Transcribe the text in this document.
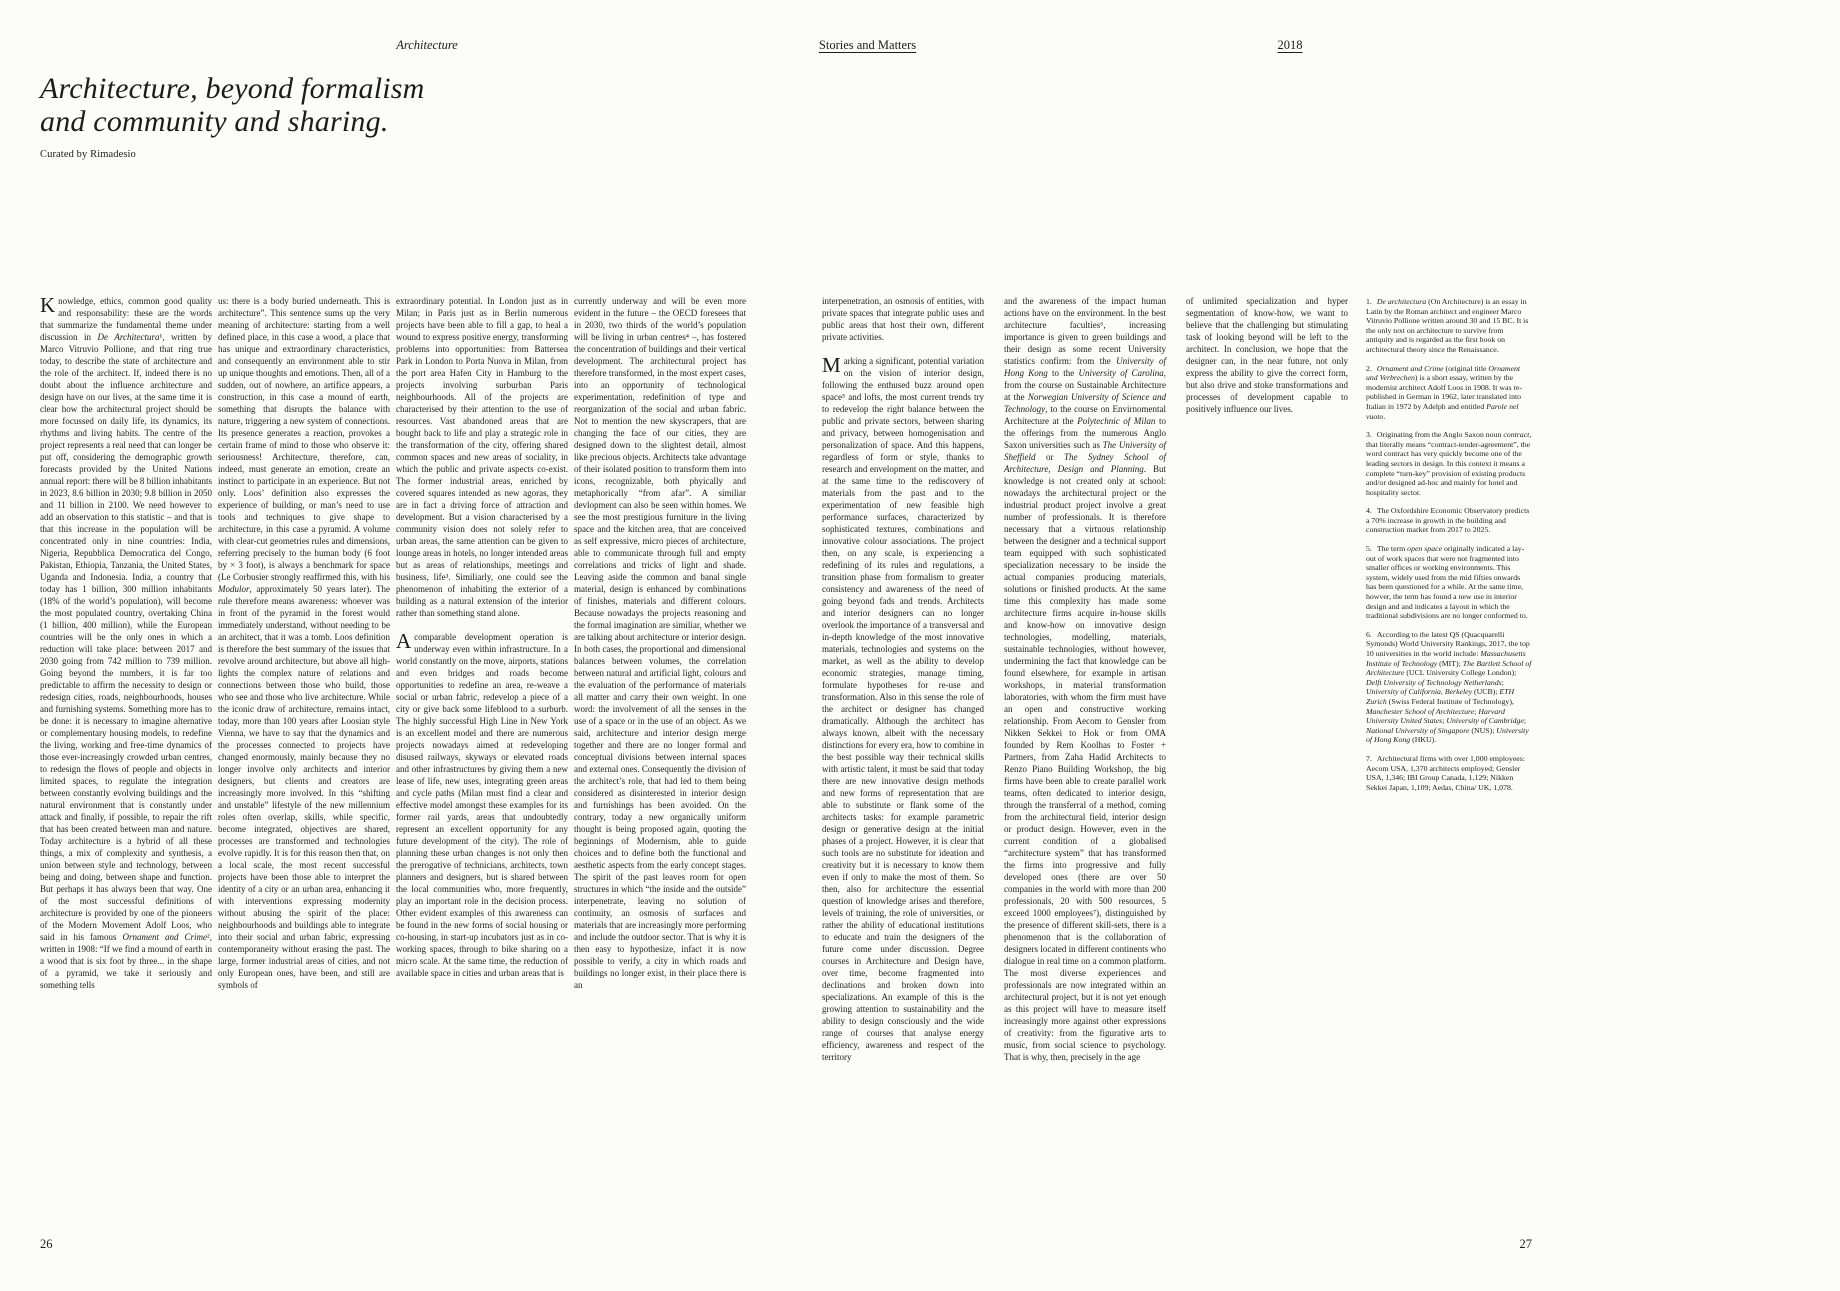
Architecture	Stories and Matters	2018
Architecture, beyond formalism
and community and sharing.
Curated by Rimadesio

Knowledge, ethics, common good quality and responsability: these are the words that summarize the fundamental theme under discussion in De Architectura¹, written by Marco Vitruvio Pollione, and that ring true today, to describe the state of architecture and the role of the architect. If, indeed there is no doubt about the influence architecture and design have on our lives, at the same time it is clear how the architectural project should be more focussed on daily life, its dynamics, its rhythms and living habits. The centre of the project represents a real need that can longer be put off, considering the demographic growth forecasts provided by the United Nations annual report: there will be 8 billion inhabitants in 2023, 8.6 billion in 2030; 9.8 billion in 2050 and 11 billion in 2100. We need however to add an observation to this statistic – and that is that this increase in the population will be concentrated only in nine countries: India, Nigeria, Repubblica Democratica del Congo, Pakistan, Ethiopia, Tanzania, the United States, Uganda and Indonesia. India, a country that today has 1 billion, 300 million inhabitants (18% of the world’s population), will become the most populated country, overtaking China (1 billion, 400 million), while the European countries will be the only ones in which a reduction will take place: between 2017 and 2030 going from 742 million to 739 million. Going beyond the numbers, it is far too predictable to affirm the necessity to design or redesign cities, roads, neighbourhoods, houses and furnishing systems. Something more has to be done: it is necessary to imagine alternative or complementary housing models, to redefine the living, working and free-time dynamics of those ever-increasingly crowded urban centres, to redesign the flows of people and objects in limited spaces, to regulate the integration between constantly evolving buildings and the natural environment that is constantly under attack and finally, if possible, to repair the rift that has been created between man and nature. Today architecture is a hybrid of all these things, a mix of complexity and synthesis, a union between style and technology, between being and doing, between shape and function. But perhaps it has always been that way. One of the most successful definitions of architecture is provided by one of the pioneers of the Modern Movement Adolf Loos, who said in his famous Ornament and Crime², written in 1908: “If we find a mound of earth in a wood that is six foot by three... in the shape of a pyramid, we take it seriously and something tells

us: there is a body buried underneath. This is architecture”. This sentence sums up the very meaning of architecture: starting from a well defined place, in this case a wood, a place that has unique and extraordinary characteristics, and consequently an environment able to stir up unique thoughts and emotions. Then, all of a sudden, out of nowhere, an artifice appears, a construction, in this case a mound of earth, something that disrupts the balance with nature, triggering a new system of connections. Its presence generates a reaction, provokes a certain frame of mind to those who observe it: seriousness! Architecture, therefore, can, indeed, must generate an emotion, create an instinct to participate in an experience. But not only. Loos’ definition also expresses the experience of building, or man’s need to use tools and techniques to give shape to architecture, in this case a pyramid. A volume with clear-cut geometries rules and dimensions, referring precisely to the human body (6 foot by × 3 foot), is always a benchmark for space (Le Corbusier strongly reaffirmed this, with his Modulor, approximately 50 years later). The rule therefore means awareness: whoever was in front of the pyramid in the forest would immediately understand, without needing to be an architect, that it was a tomb. Loos definition is therefore the best summary of the issues that revolve around architecture, but above all high-lights the complex nature of relations and connections between those who build, those who see and those who live architecture. While the iconic draw of architecture, remains intact, today, more than 100 years after Loosian style Vienna, we have to say that the dynamics and the processes connected to projects have changed enormously, mainly because they no longer involve only architects and interior designers, but clients and creators are increasingly more involved. In this “shifting and unstable” lifestyle of the new millennium roles often overlap, skills, while specific, become integrated, objectives are shared, processes are transformed and technologies evolve rapidly. It is for this reason then that, on a local scale, the most recent successful projects have been those able to interpret the identity of a city or an urban area, enhancing it with interventions expressing modernity without abusing the spirit of the place: neighbourhoods and buildings able to integrate into their social and urban fabric, expressing contemporaneity without erasing the past. The large, former industrial areas of cities, and not only European ones, have been, and still are symbols of

extraordinary potential. In London just as in Milan; in Paris just as in Berlin numerous projects have been able to fill a gap, to heal a wound to express positive energy, transforming problems into opportunities: from Battersea Park in London to Porta Nuova in Milan, from the port area Hafen City in Hamburg to the projects involving surburban Paris neighbourhoods. All of the projects are characterised by their attention to the use of resources. Vast abandoned areas that are bought back to life and play a strategic role in the transformation of the city, offering shared common spaces and new areas of sociality, in which the public and private aspects co-exist. The former industrial areas, enriched by covered squares intended as new agoras, they are in fact a driving force of attraction and development. But a vision characterised by a community vision does not solely refer to urban areas, the same attention can be given to lounge areas in hotels, no longer intended areas but as areas of relationships, meetings and business, life³. Similiarly, one could see the phenomenon of inhabiting the exterior of a building as a natural extension of the interior rather than something stand alone.

A comparable development operation is underway even within infrastructure. In a world constantly on the move, airports, stations and even bridges and roads become opportunities to redefine an area, re-weave a social or urban fabric, redevelop a piece of a city or give back some lifeblood to a surburb. The highly successful High Line in New York is an excellent model and there are numerous projects nowadays aimed at redeveloping disused railways, skyways or elevated roads and other infrastructures by giving them a new lease of life, new uses, integrating green areas and cycle paths (Milan must find a clear and effective model amongst these examples for its former rail yards, areas that undoubtedly represent an excellent opportunity for any future development of the city). The role of planning these urban changes is not only then the prerogative of technicians, architects, town planners and designers, but is shared between the local communities who, more frequently, play an important role in the decision process. Other evident examples of this awareness can be found in the new forms of social housing or co-housing, in start-up incubators just as in co-working spaces, through to bike sharing on a micro scale. At the same time, the reduction of available space in cities and urban areas that is

currently underway and will be even more evident in the future – the OECD foresees that in 2030, two thirds of the world’s population will be living in urban centres⁴ –, has fostered the concentration of buildings and their vertical development. The architectural project has therefore transformed, in the most expert cases, into an opportunity of technological experimentation, redefinition of type and reorganization of the social and urban fabric. Not to mention the new skyscrapers, that are changing the face of our cities, they are designed down to the slightest detail, almost like precious objects. Architects take advantage of their isolated position to transform them into icons, recognizable, both phyically and metaphorically “from afar”. A similiar devlopment can also be seen within homes. We see the most prestigious furniture in the living space and the kitchen area, that are conceived as self expressive, micro pieces of architecture, able to communicate through full and empty correlations and tricks of light and shade. Leaving aside the common and banal single material, design is enhanced by combinations of finishes, materials and different colours. Because nowadays the projects reasoning and the formal imagination are similiar, whether we are talking about architecture or interior design. In both cases, the proportional and dimensional balances between volumes, the correlation between natural and artificial light, colours and the evaluation of the performance of materials all matter and carry their own weight. In one word: the involvement of all the senses in the use of a space or in the use of an object. As we said, architecture and interior design merge together and there are no longer formal and conceptual divisions between internal spaces and external ones. Consequently the division of the architect’s role, that had led to them being considered as disinterested in interior design and furnishings has been avoided. On the contrary, today a new organically uniform thought is being proposed again, quoting the beginnings of Modernism, able to guide choices and to define both the functional and aesthetic aspects from the early concept stages. The spirit of the past leaves room for open structures in which “the inside and the outside” interpenetrate, leaving no solution of continuity, an osmosis of surfaces and materials that are increasingly more performing and include the outdoor sector. That is why it is then easy to hypothesize, infact it is now possible to verify, a city in which roads and buildings no longer exist, in their place there is an

interpenetration, an osmosis of entities, with private spaces that integrate public uses and public areas that host their own, different private activities.

Marking a significant, potential variation on the vision of interior design, following the enthused buzz around open space⁵ and lofts, the most current trends try to redevelop the right balance between the public and private sectors, between sharing and privacy, between homogenisation and personalization of space. And this happens, regardless of form or style, thanks to research and envelopment on the matter, and at the same time to the rediscovery of materials from the past and to the experimentation of new feasible high performance surfaces, characterized by sophisticated textures, combinations and innovative colour associations. The project then, on any scale, is experiencing a redefining of its rules and regulations, a transition phase from formalism to greater consistency and awareness of the need of going beyond fads and trends. Architects and interior designers can no longer overlook the importance of a transversal and in-depth knowledge of the most innovative materials, technologies and systems on the market, as well as the ability to develop economic strategies, manage timing, formulate hypotheses for re-use and transformation. Also in this sense the role of the architect or designer has changed dramatically. Although the architect has always known, albeit with the necessary distinctions for every era, how to combine in the best possible way their technical skills with artistic talent, it must be said that today there are new innovative design methods and new forms of representation that are able to substitute or flank some of the architects tasks: for example parametric design or generative design at the initial phases of a project. However, it is clear that such tools are no substitute for ideation and creativity but it is necessary to know them even if only to make the most of them. So then, also for architecture the essential question of knowledge arises and therefore, levels of training, the role of universities, or rather the ability of educational institutions to educate and train the designers of the future come under discussion. Degree courses in Architecture and Design have, over time, become fragmented into declinations and broken down into specializations. An example of this is the growing attention to sustainability and the ability to design consciously and the wide range of courses that analyse energy efficiency, awareness and respect of the territory

and the awareness of the impact human actions have on the environment. In the best architecture faculties⁶, increasing importance is given to green buildings and their design as some recent University statistics confirm: from the University of Hong Kong to the University of Carolina, from the course on Sustainable Architecture at the Norwegian University of Science and Technology, to the course on Envirnomental Architecture at the Polytechnic of Milan to the offerings from the numerous Anglo Saxon universities such as The University of Sheffield or The Sydney School of Architecture, Design and Planning. But knowledge is not created only at school: nowadays the architectural project or the industrial product project involve a great number of professionals. It is therefore necessary that a virtuous relationship between the designer and a technical support team equipped with such sophisticated specialization necessary to be inside the actual companies producing materials, solutions or finished products. At the same time this complexity has made some architecture firms acquire in-house skills and know-how on innovative design technologies, modelling, materials, sustainable technologies, without however, undermining the fact that knowledge can be found elsewhere, for example in artisan workshops, in material transformation laboratories, with whom the firm must have an open and constructive working relationship. From Aecom to Gensler from Nikken Sekkei to Hok or from OMA founded by Rem Koolhas to Foster + Partners, from Zaha Hadid Architects to Renzo Piano Building Workshop, the big firms have been able to create parallel work teams, often dedicated to interior design, through the transferral of a method, coming from the architectural field, interior design or product design. However, even in the current condition of a globalised “architecture system” that has transformed the firms into progressive and fully developed ones (there are over 50 companies in the world with more than 200 professionals, 20 with 500 resources, 5 exceed 1000 employees⁷), distinguished by the presence of different skill-sets, there is a phenomenon that is the collaboration of designers located in different continents who dialogue in real time on a common platform. The most diverse experiences and professionals are now integrated within an architectural project, but it is not yet enough as this project will have to measure itself increasingly more against other expressions of creativity: from the figurative arts to music, from social science to psychology. That is why, then, precisely in the age

of unlimited specialization and hyper segmentation of know-how, we want to believe that the challenging but stimulating task of looking beyond will be left to the architect. In conclusion, we hope that the designer can, in the near future, not only express the ability to give the correct form, but also drive and stoke transformations and processes of development capable to positively influence our lives.

1. De architectura (On Architecture) is an essay in Latin by the Roman architect and engineer Marco Vitruvio Pollione written around 30 and 15 BC. It is the only text on architecture to survive from antiquity and is regarded as the first book on architectural theory since the Renaissance.

2. Ornament and Crime (original title Ornament und Verbrechen) is a short essay, written by the modernist architect Adolf Loos in 1908. It was re-published in German in 1962, later translated into Italian in 1972 by Adelph and entitled Parole nel vuoto.

3. Originating from the Anglo Saxon noun contract, that literally means “contract-tender-agreement”, the word contract has very quickly become one of the leading sectors in design. In this context it means a complete “turn-key” provision of existing products and/or designed ad-hoc and mainly for hotel and hospitality sector.

4. The Oxfordshire Economic Observatory predicts a 70% increase in growth in the building and construction market from 2017 to 2025.

5. The term open space originally indicated a lay-out of work spaces that were not fragmented into smaller offices or working environments. This system, widely used from the mid fifties onwards has been questioned for a while. At the same time, howver, the term has found a new use in interior design and and indicates a layout in which the traditional subdivisions are no longer conformed to.

6. According to the latest QS (Quacquarelli Symonds) World University Rankings, 2017, the top 10 universities in the world include: Massachusetts Institute of Technology (MIT); The Bartlett School of Architecture (UCL University College London); Delft University of Technology Netherlands; University of California, Berkeley (UCB); ETH Zurich (Swiss Federal Institute of Technology), Manchester School of Architecture; Harvard University United States; University of Cambridge; National University of Singapore (NUS); University of Hong Kong (HKU).

7. Architectural firms with over 1,000 employees: Aecom USA, 1,370 architects employed; Gensler USA, 1,346; IBI Group Canada, 1,129; Nikken Sekkei Japan, 1,109; Aedas, China/ UK, 1,078.

26	27
